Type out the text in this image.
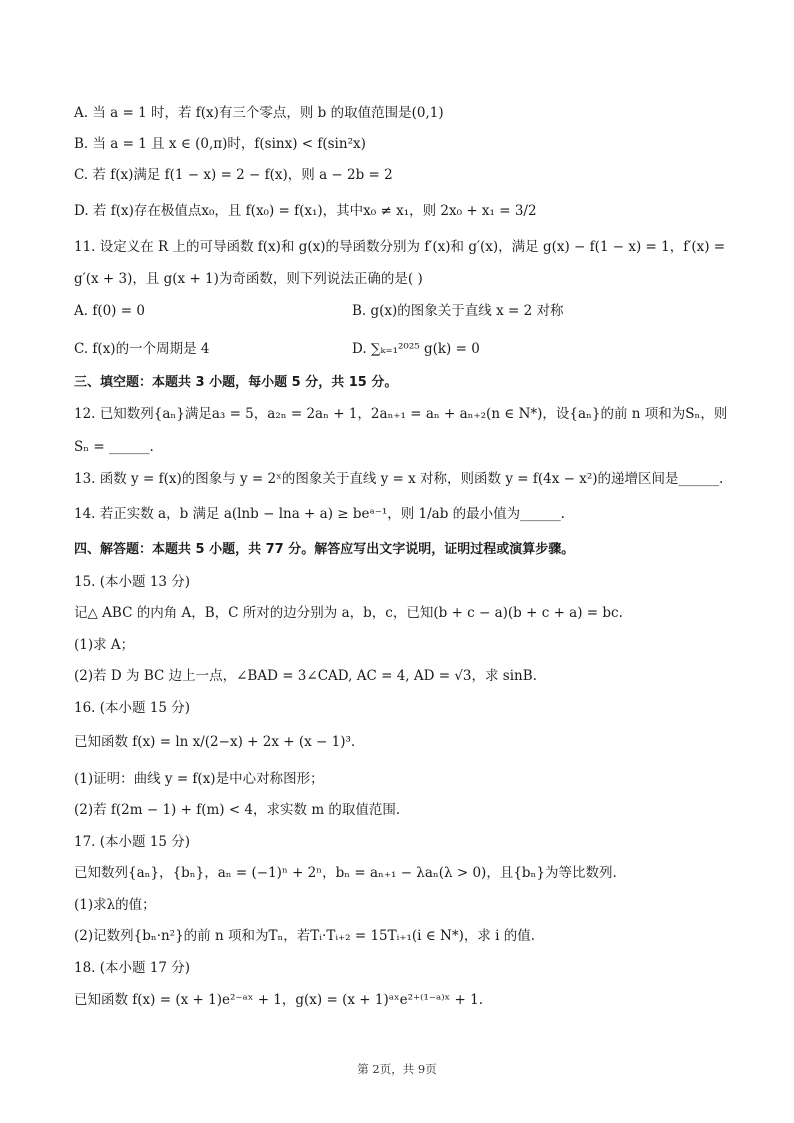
A. 当 a = 1 时，若 f(x)有三个零点，则 b 的取值范围是(0,1)
B. 当 a = 1 且 x ∈ (0,π)时，f(sinx) < f(sin²x)
C. 若 f(x)满足 f(1 − x) = 2 − f(x)，则 a − 2b = 2
D. 若 f(x)存在极值点x₀，且 f(x₀) = f(x₁)，其中x₀ ≠ x₁，则 2x₀ + x₁ = 3/2
11. 设定义在 R 上的可导函数 f(x)和 g(x)的导函数分别为 f′(x)和 g′(x)，满足 g(x) − f(1 − x) = 1，f′(x) =
g′(x + 3)，且 g(x + 1)为奇函数，则下列说法正确的是( )
A. f(0) = 0	B. g(x)的图象关于直线 x = 2 对称
C. f(x)的一个周期是 4	D. ∑ₖ₌₁²⁰²⁵ g(k) = 0
三、填空题：本题共 3 小题，每小题 5 分，共 15 分。
12. 已知数列{aₙ}满足a₃ = 5，a₂ₙ = 2aₙ + 1，2aₙ₊₁ = aₙ + aₙ₊₂(n ∈ N*)，设{aₙ}的前 n 项和为Sₙ，则
Sₙ = ______.
13. 函数 y = f(x)的图象与 y = 2ˣ的图象关于直线 y = x 对称，则函数 y = f(4x − x²)的递增区间是______.
14. 若正实数 a，b 满足 a(lnb − lna + a) ≥ beᵃ⁻¹，则 1/ab 的最小值为______.
四、解答题：本题共 5 小题，共 77 分。解答应写出文字说明，证明过程或演算步骤。
15. (本小题 13 分)
记△ ABC 的内角 A，B，C 所对的边分别为 a，b，c，已知(b + c − a)(b + c + a) = bc.
(1)求 A；
(2)若 D 为 BC 边上一点，∠BAD = 3∠CAD, AC = 4, AD = √3，求 sinB.
16. (本小题 15 分)
已知函数 f(x) = ln x/(2−x) + 2x + (x − 1)³.
(1)证明：曲线 y = f(x)是中心对称图形；
(2)若 f(2m − 1) + f(m) < 4，求实数 m 的取值范围.
17. (本小题 15 分)
已知数列{aₙ}，{bₙ}，aₙ = (−1)ⁿ + 2ⁿ，bₙ = aₙ₊₁ − λaₙ(λ > 0)，且{bₙ}为等比数列.
(1)求λ的值；
(2)记数列{bₙ·n²}的前 n 项和为Tₙ，若Tᵢ·Tᵢ₊₂ = 15Tᵢ₊₁(i ∈ N*)，求 i 的值.
18. (本小题 17 分)
已知函数 f(x) = (x + 1)e²⁻ᵃˣ + 1，g(x) = (x + 1)ᵃˣe²⁺⁽¹⁻ᵃ⁾ˣ + 1.
第 2页，共 9页
